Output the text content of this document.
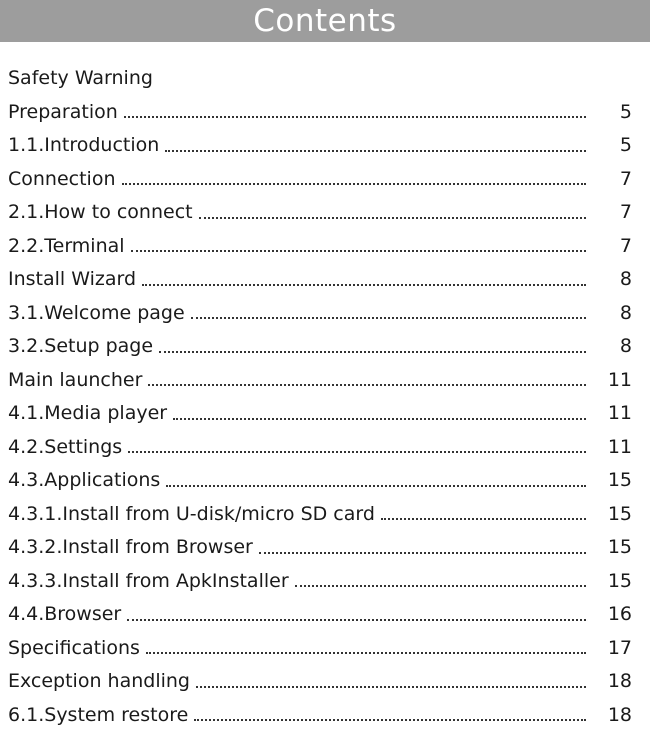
Contents
Safety Warning
Preparation	5
1.1.Introduction	5
Connection	7
2.1.How to connect	7
2.2.Terminal	7
Install Wizard	8
3.1.Welcome page	8
3.2.Setup page	8
Main launcher	11
4.1.Media player	11
4.2.Settings	11
4.3.Applications	15
4.3.1.Install from U-disk/micro SD card	15
4.3.2.Install from Browser	15
4.3.3.Install from ApkInstaller	15
4.4.Browser	16
Specifications	17
Exception handling	18
6.1.System restore	18
